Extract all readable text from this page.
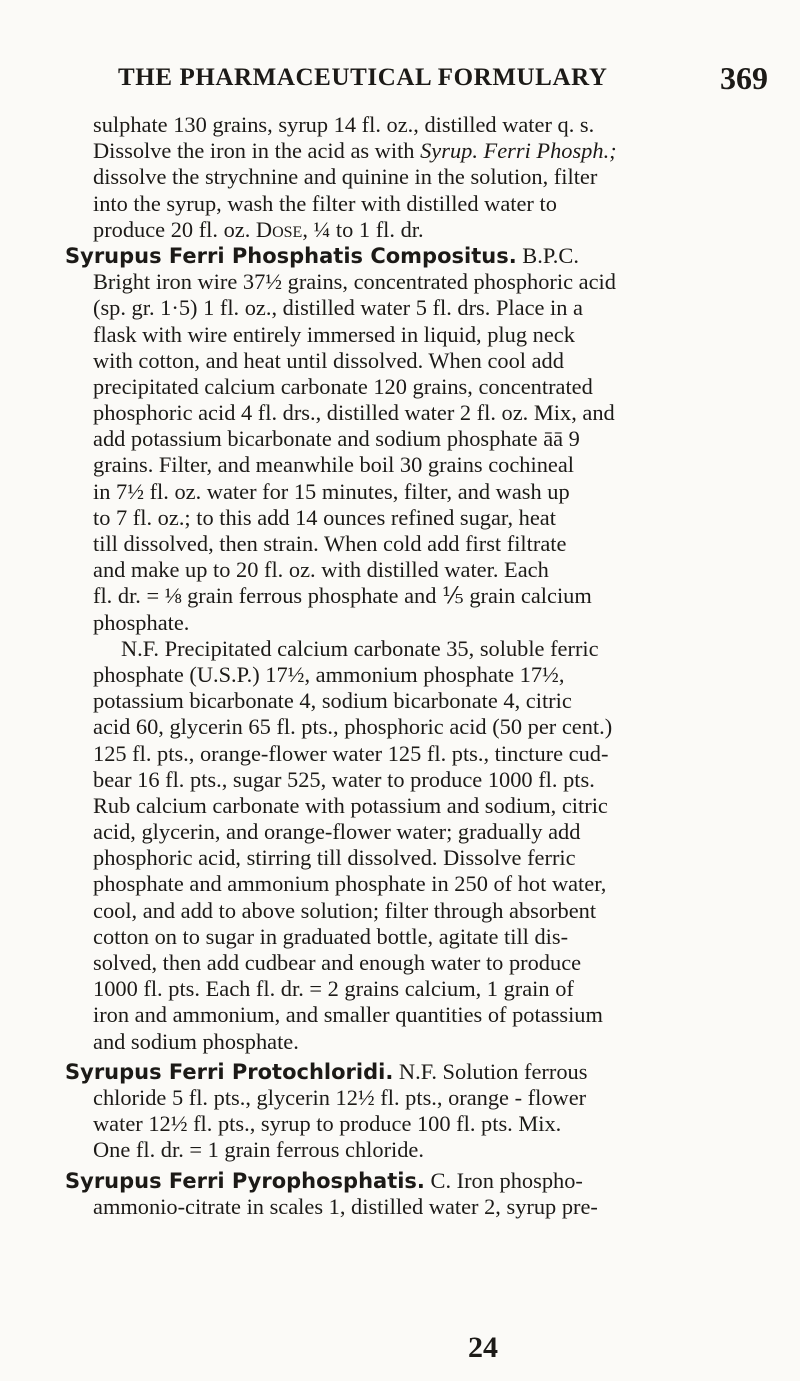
THE PHARMACEUTICAL FORMULARY	369
sulphate 130 grains, syrup 14 fl. oz., distilled water q. s.
Dissolve the iron in the acid as with Syrup. Ferri Phosph.;
dissolve the strychnine and quinine in the solution, filter
into the syrup, wash the filter with distilled water to
produce 20 fl. oz. Dose, ¼ to 1 fl. dr.
Syrupus Ferri Phosphatis Compositus. B.P.C.
Bright iron wire 37½ grains, concentrated phosphoric acid
(sp. gr. 1·5) 1 fl. oz., distilled water 5 fl. drs. Place in a
flask with wire entirely immersed in liquid, plug neck
with cotton, and heat until dissolved. When cool add
precipitated calcium carbonate 120 grains, concentrated
phosphoric acid 4 fl. drs., distilled water 2 fl. oz. Mix, and
add potassium bicarbonate and sodium phosphate āā 9
grains. Filter, and meanwhile boil 30 grains cochineal
in 7½ fl. oz. water for 15 minutes, filter, and wash up
to 7 fl. oz.; to this add 14 ounces refined sugar, heat
till dissolved, then strain. When cold add first filtrate
and make up to 20 fl. oz. with distilled water. Each
fl. dr. = ⅛ grain ferrous phosphate and ⅕ grain calcium
phosphate.
N.F. Precipitated calcium carbonate 35, soluble ferric
phosphate (U.S.P.) 17½, ammonium phosphate 17½,
potassium bicarbonate 4, sodium bicarbonate 4, citric
acid 60, glycerin 65 fl. pts., phosphoric acid (50 per cent.)
125 fl. pts., orange-flower water 125 fl. pts., tincture cud-
bear 16 fl. pts., sugar 525, water to produce 1000 fl. pts.
Rub calcium carbonate with potassium and sodium, citric
acid, glycerin, and orange-flower water; gradually add
phosphoric acid, stirring till dissolved. Dissolve ferric
phosphate and ammonium phosphate in 250 of hot water,
cool, and add to above solution; filter through absorbent
cotton on to sugar in graduated bottle, agitate till dis-
solved, then add cudbear and enough water to produce
1000 fl. pts. Each fl. dr. = 2 grains calcium, 1 grain of
iron and ammonium, and smaller quantities of potassium
and sodium phosphate.
Syrupus Ferri Protochloridi. N.F. Solution ferrous
chloride 5 fl. pts., glycerin 12½ fl. pts., orange - flower
water 12½ fl. pts., syrup to produce 100 fl. pts. Mix.
One fl. dr. = 1 grain ferrous chloride.
Syrupus Ferri Pyrophosphatis. C. Iron phospho-
ammonio-citrate in scales 1, distilled water 2, syrup pre-
24
